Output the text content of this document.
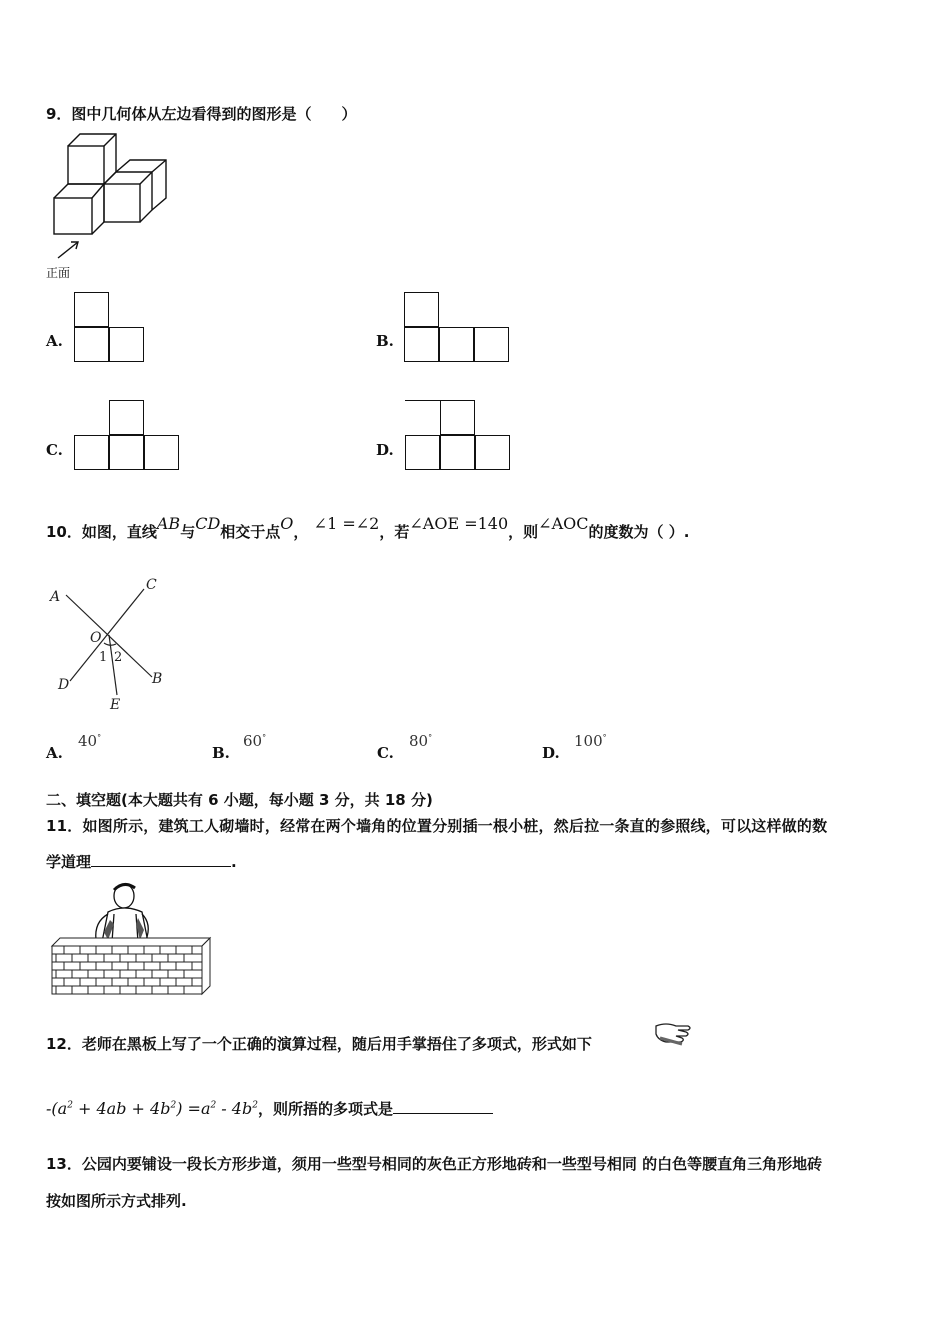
9．图中几何体从左边看得到的图形是（　　）
正面
A.	B.
C.	D.
10．如图，直线AB与CD相交于点O， ∠1 =∠2，若∠AOE =140，则∠AOC的度数为（ ）.
A
C
O
B
D
E
1 2
A.
40°
B.
60°
C.
80°
D.
100°
二、填空题(本大题共有 6 小题，每小题 3 分，共 18 分)
11．如图所示，建筑工人砌墙时，经常在两个墙角的位置分别插一根小桩，然后拉一条直的参照线，可以这样做的数
学道理	.
12．老师在黑板上写了一个正确的演算过程，随后用手掌捂住了多项式，形式如下
$-(a^2 + 4ab + 4b^2) =a^2 - 4b^2$，则所捂的多项式是
13．公园内要铺设一段长方形步道，须用一些型号相同的灰色正方形地砖和一些型号相同 的白色等腰直角三角形地砖
按如图所示方式排列.
